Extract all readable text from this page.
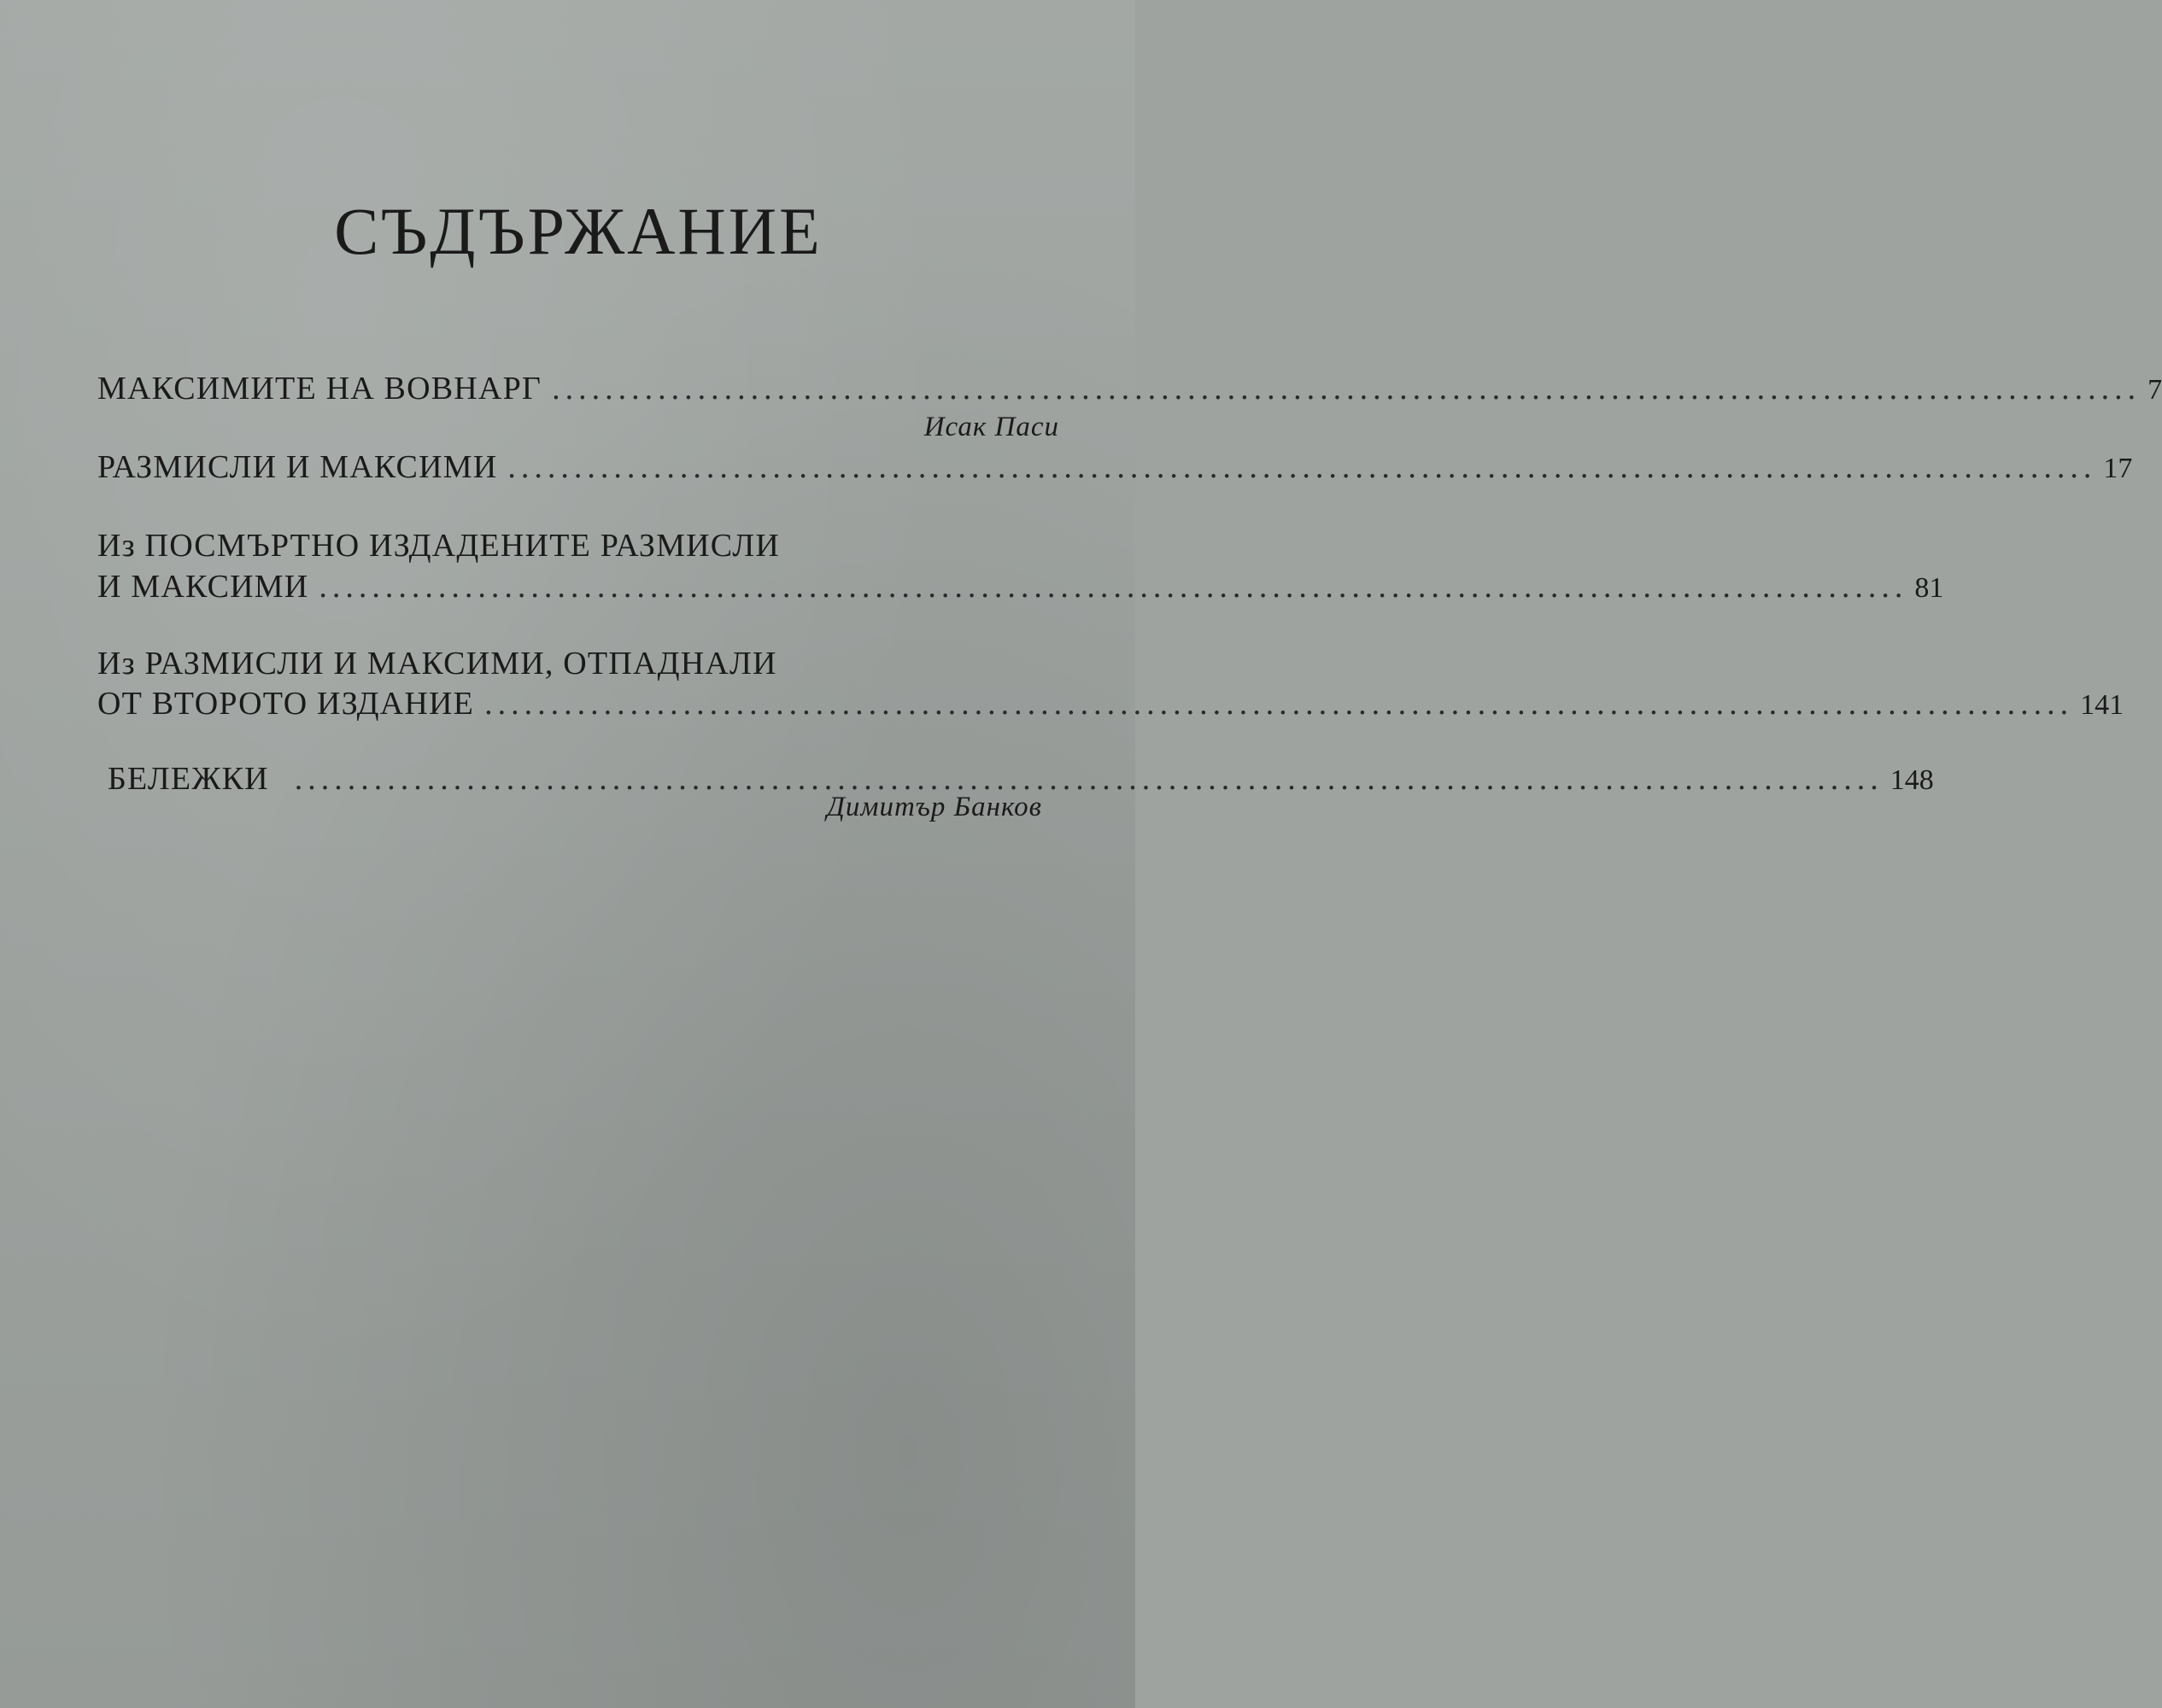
СЪДЪРЖАНИЕ
МАКСИМИТЕ НА ВОВНАРГ ........................................................................................................................ 7
Исак Паси
РАЗМИСЛИ И МАКСИМИ ........................................................................................................................ 17
Из ПОСМЪРТНО ИЗДАДЕНИТЕ РАЗМИСЛИ
И МАКСИМИ ........................................................................................................................ 81
Из РАЗМИСЛИ И МАКСИМИ, ОТПАДНАЛИ
ОТ ВТОРОТО ИЗДАНИЕ ........................................................................................................................ 141
БЕЛЕЖКИ ........................................................................................................................ 148
Димитър Банков
